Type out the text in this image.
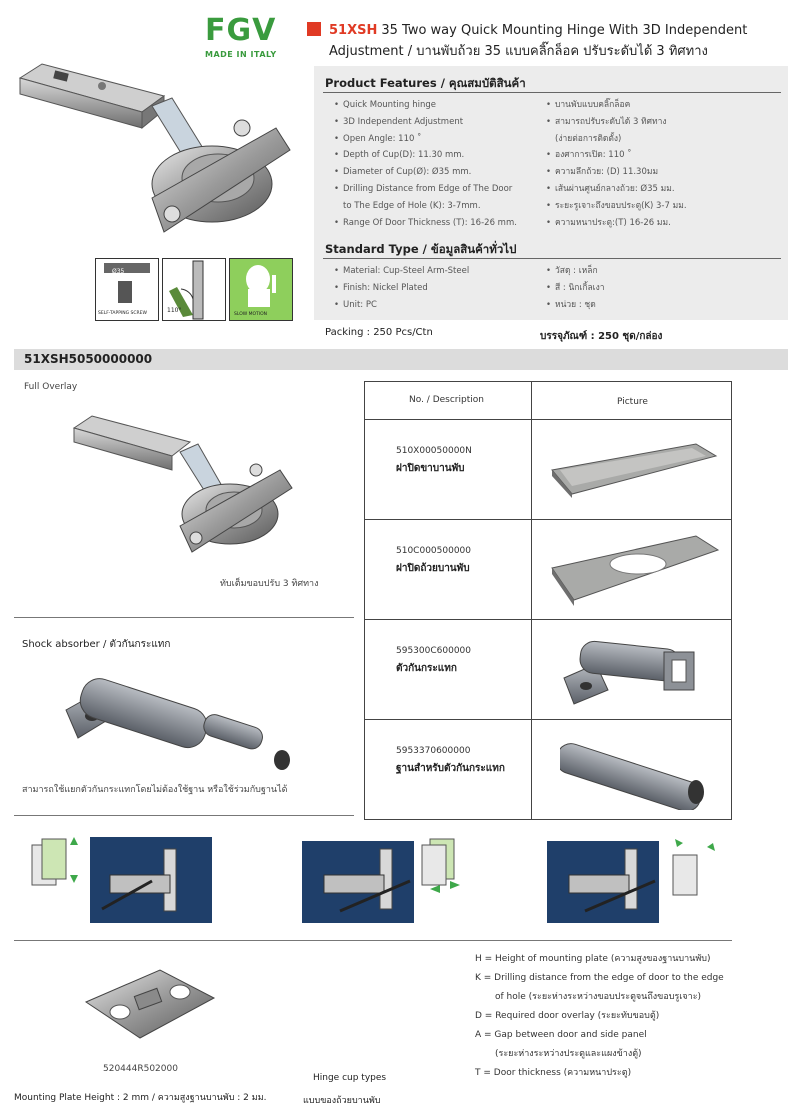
FGV
MADE IN ITALY
51XSH 35 Two way Quick Mounting Hinge With 3D Independent
Adjustment / บานพับถ้วย 35 แบบคลิ๊กล็อค ปรับระดับได้ 3 ทิศทาง
Ø35
SELF-TAPPING SCREW	110°
SLOW MOTION
Product Features / คุณสมบัติสินค้า
• Quick Mounting hinge
• 3D Independent Adjustment
• Open Angle: 110 ˚
• Depth of Cup(D): 11.30 mm.
• Diameter of Cup(Ø): Ø35 mm.
• Drilling Distance from Edge of The Door
to The Edge of Hole (K): 3-7mm.
• Range Of Door Thickness (T): 16-26 mm.
• บานพับแบบคลิ๊กล็อค
• สามารถปรับระดับได้ 3 ทิศทาง
(ง่ายต่อการติดตั้ง)
• องศาการเปิด: 110 ˚
• ความลึกถ้วย: (D) 11.30มม
• เส้นผ่านศูนย์กลางถ้วย: Ø35 มม.
• ระยะรูเจาะถึงขอบประตู(K) 3-7 มม.
• ความหนาประตู:(T) 16-26 มม.
Standard Type / ข้อมูลสินค้าทั่วไป
• Material: Cup-Steel Arm-Steel
• Finish: Nickel Plated
• Unit: PC
• วัสดุ : เหล็ก
• สี : นิกเกิ้ลเงา
• หน่วย : ชุด
Packing : 250 Pcs/Ctn	บรรจุภัณฑ์ : 250 ชุด/กล่อง
51XSH5050000000
Full Overlay
ทับเต็มขอบปรับ 3 ทิศทาง
Shock absorber / ตัวกันกระแทก
สามารถใช้แยกตัวกันกระแทกโดยไม่ต้องใช้ฐาน หรือใช้ร่วมกับฐานได้
No. / Description	Picture
510X00050000N
ฝาปิดขาบานพับ
510C000500000
ฝาปิดถ้วยบานพับ
595300C600000
ตัวกันกระแทก
5953370600000
ฐานสำหรับตัวกันกระแทก
520444R502000
Mounting Plate Height : 2 mm / ความสูงฐานบานพับ : 2 มม.
Hinge cup types
แบบของถ้วยบานพับ
H = Height of mounting plate (ความสูงของฐานบานพับ)
K = Drilling distance from the edge of door to the edge
of hole (ระยะห่างระหว่างขอบประตูจนถึงขอบรูเจาะ)
D = Required door overlay (ระยะทับขอบตู้)
A = Gap between door and side panel
(ระยะห่างระหว่างประตูและแผงข้างตู้)
T = Door thickness (ความหนาประตู)
